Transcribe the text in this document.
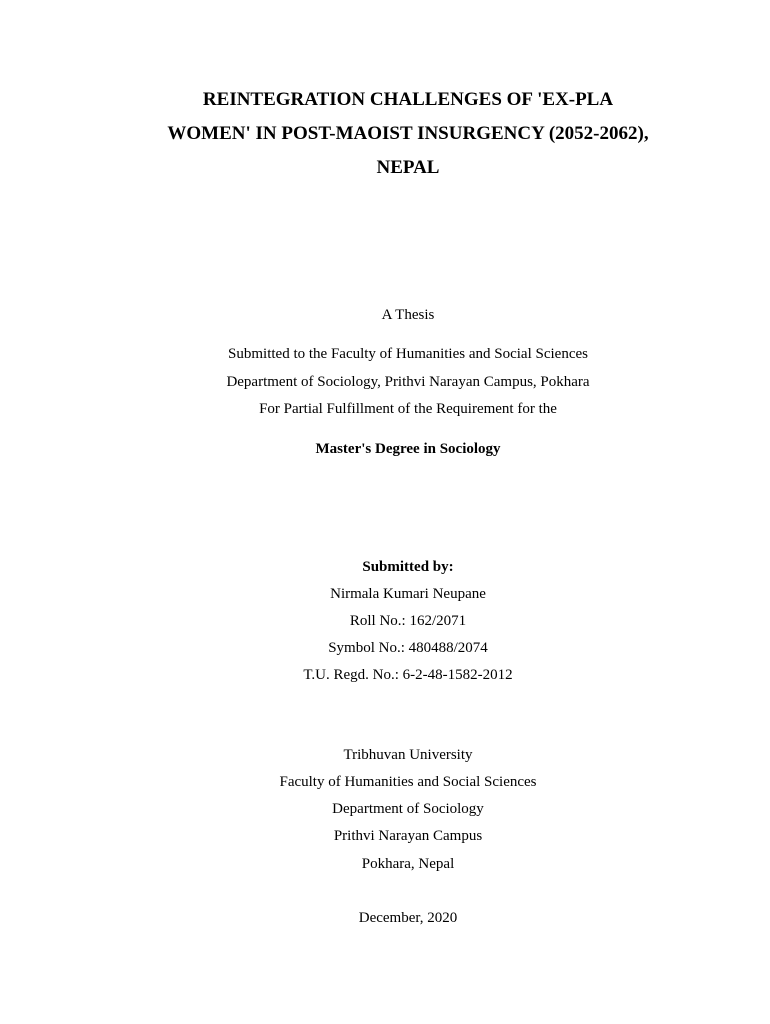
REINTEGRATION CHALLENGES OF 'EX-PLA
WOMEN' IN POST-MAOIST INSURGENCY (2052-2062),
NEPAL
A Thesis
Submitted to the Faculty of Humanities and Social Sciences
Department of Sociology, Prithvi Narayan Campus, Pokhara
For Partial Fulfillment of the Requirement for the
Master's Degree in Sociology
Submitted by:
Nirmala Kumari Neupane
Roll No.: 162/2071
Symbol No.: 480488/2074
T.U. Regd. No.: 6-2-48-1582-2012
Tribhuvan University
Faculty of Humanities and Social Sciences
Department of Sociology
Prithvi Narayan Campus
Pokhara, Nepal
December, 2020
